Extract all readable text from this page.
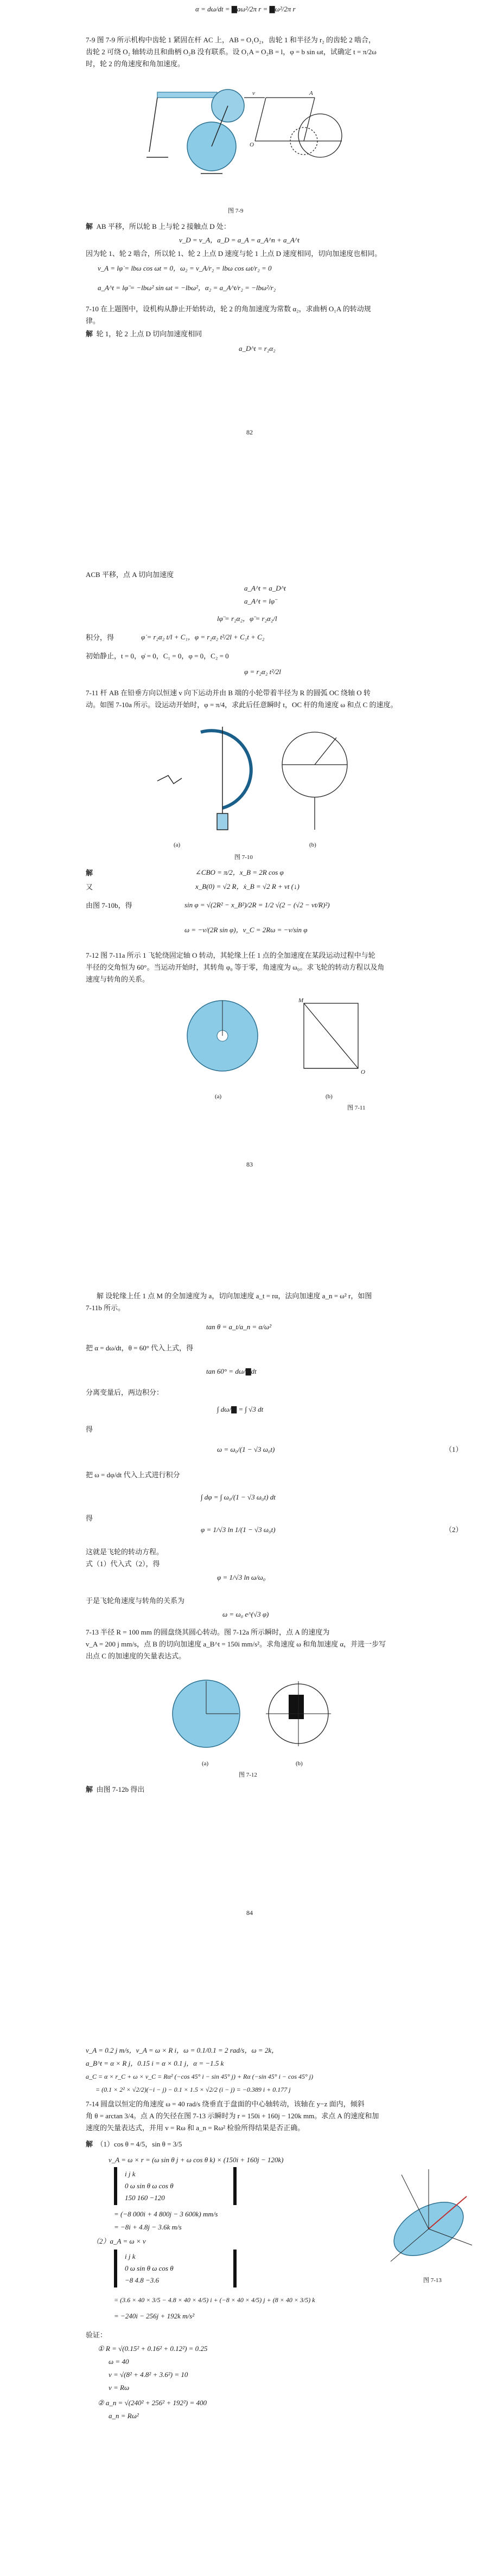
α = dω/dt = ▇aω²/2π r = ▇ω²/2π r
7-9 图 7-9 所示机构中齿轮 1 紧固在杆 AC 上，AB = O₁O₂，齿轮 1 和半径为 r₂ 的齿轮 2 啮合，
齿轮 2 可绕 O₂ 轴转动且和曲柄 O₂B 没有联系。设 O₁A = O₂B = l，φ = b sin ωt，试确定 t = π/2ω
时，轮 2 的角速度和角加速度。
v	A
O
图 7-9
解 AB 平移，所以轮 B 上与轮 2 接触点 D 处：
v_D = v_A，a_D = a_A = a_A^n + a_A^t
因为轮 1、轮 2 啮合，所以轮 1、轮 2 上点 D 速度与轮 1 上点 D 速度相同，切向加速度也相同。
v_A = lφ̇ = lbω cos ωt = 0，ω₂ = v_A/r₂ = lbω cos ωt/r₂ = 0
a_A^t = lφ̈ = −lbω² sin ωt = −lbω²，α₂ = a_A^t/r₂ = −lbω²/r₂
7-10 在上题图中，设机构从静止开始转动，轮 2 的角加速度为常数 α₂，求曲柄 O₁A 的转动规
律。
解 轮 1，轮 2 上点 D 切向加速度相同
a_D^t = r₂α₂
82
ACB 平移，点 A 切向加速度
a_A^t = a_D^t
a_A^t = lφ̈
lφ̈ = r₂α₂，φ̈ = r₂α₂/l
积分，得	φ̇ = r₂α₂ t/l + C₁，φ = r₂α₂ t²/2l + C₁t + C₂
初始静止，t = 0，φ̇ = 0，C₁ = 0，φ = 0，C₂ = 0
φ = r₂α₂ t²/2l
7-11 杆 AB 在铅垂方向以恒速 v 向下运动并由 B 端的小轮带着半径为 R 的圆弧 OC 绕轴 O 转
动。如图 7-10a 所示。设运动开始时，φ = π/4，求此后任意瞬时 t，OC 杆的角速度 ω 和点 C 的速度。
(a)	(b)
图 7-10
解	∠CBO = π/2，x_B = 2R cos φ
又	x_B(0) = √2 R，ẋ_B = √2 R + vt (↓)
由图 7-10b，得	sin φ = √(2R² − x_B²)/2R = 1/2 √(2 − (√2 − vt/R)²)
ω = −v/(2R sin φ)，v_C = 2Rω = −v/sin φ
7-12 图 7-11a 所示 1 飞轮绕固定轴 O 转动，其轮缘上任 1 点的全加速度在某段运动过程中与轮
半径的交角恒为 60°。当运动开始时，其转角 φ₀ 等于零，角速度为 ω₀。求飞轮的转动方程以及角
速度与转角的关系。
M
O
(a)	(b)
图 7-11
83
解 设轮缘上任 1 点 M 的全加速度为 a，切向加速度 a_t = rα，法向加速度 a_n = ω² r，如图
7-11b 所示。
tan θ = a_t/a_n = α/ω²
把 α = dω/dt，θ = 60° 代入上式，得
tan 60° = dω/▇dt
分离变量后，两边积分：
∫ dω/▇ = ∫ √3 dt
得
ω = ω₀/(1 − √3 ω₀t)	（1）
把 ω = dφ/dt 代入上式进行积分
∫ dφ = ∫ ω₀/(1 − √3 ω₀t) dt
得
φ = 1/√3 ln 1/(1 − √3 ω₀t)	（2）
这就是飞轮的转动方程。
式（1）代入式（2），得
φ = 1/√3 ln ω/ω₀
于是飞轮角速度与转角的关系为
ω = ω₀ e^(√3 φ)
7-13 半径 R = 100 mm 的圆盘绕其圆心转动。图 7-12a 所示瞬时，点 A 的速度为
v_A = 200 j mm/s，点 B 的切向加速度 a_B^t = 150i mm/s²。求角速度 ω 和角加速度 α，并进一步写
出点 C 的加速度的矢量表达式。
(a)	(b)
图 7-12
解 由图 7-12b 得出
84
v_A = 0.2 j m/s，v_A = ω × R i，ω = 0.1/0.1 = 2 rad/s，ω = 2k，
a_B^t = α × R j，0.15 i = α × 0.1 j，α = −1.5 k
a_C = α × r_C + ω × v_C = Rα² (−cos 45° i − sin 45° j) + Rα (−sin 45° i − cos 45° j)
= (0.1 × 2² × √2/2)(−i − j) − 0.1 × 1.5 × √2/2 (i − j) = −0.389 i + 0.177 j
7-14 圆盘以恒定的角速度 ω = 40 rad/s 绕垂直于盘面的中心轴转动，该轴在 y−z 面内，倾斜
角 θ = arctan 3/4。点 A 的矢径在图 7-13 示瞬时为 r = 150i + 160j − 120k mm。求点 A 的速度和加
速度的矢量表达式，并用 v = Rω 和 a_n = Rω² 检验所得结果是否正确。
解 （1）cos θ = 4/5，sin θ = 3/5
v_A = ω × r = (ω sin θ j + ω cos θ k) × (150i + 160j − 120k)
i j k
0 ω sin θ ω cos θ
150 160 −120
= (−8 000i + 4 800j − 3 600k) mm/s
= −8i + 4.8j − 3.6k m/s
（2）a_A = ω × v
i j k
0 ω sin θ ω cos θ
−8 4.8 −3.6
= (3.6 × 40 × 3/5 − 4.8 × 40 × 4/5) i + (−8 × 40 × 4/5) j + (8 × 40 × 3/5) k
= −240i − 256j + 192k m/s²
图 7-13
验证：
① R = √(0.15² + 0.16² + 0.12²) = 0.25
ω = 40
v = √(8² + 4.8² + 3.6²) = 10
v = Rω
② a_n = √(240² + 256² + 192²) = 400
a_n = Rω²
